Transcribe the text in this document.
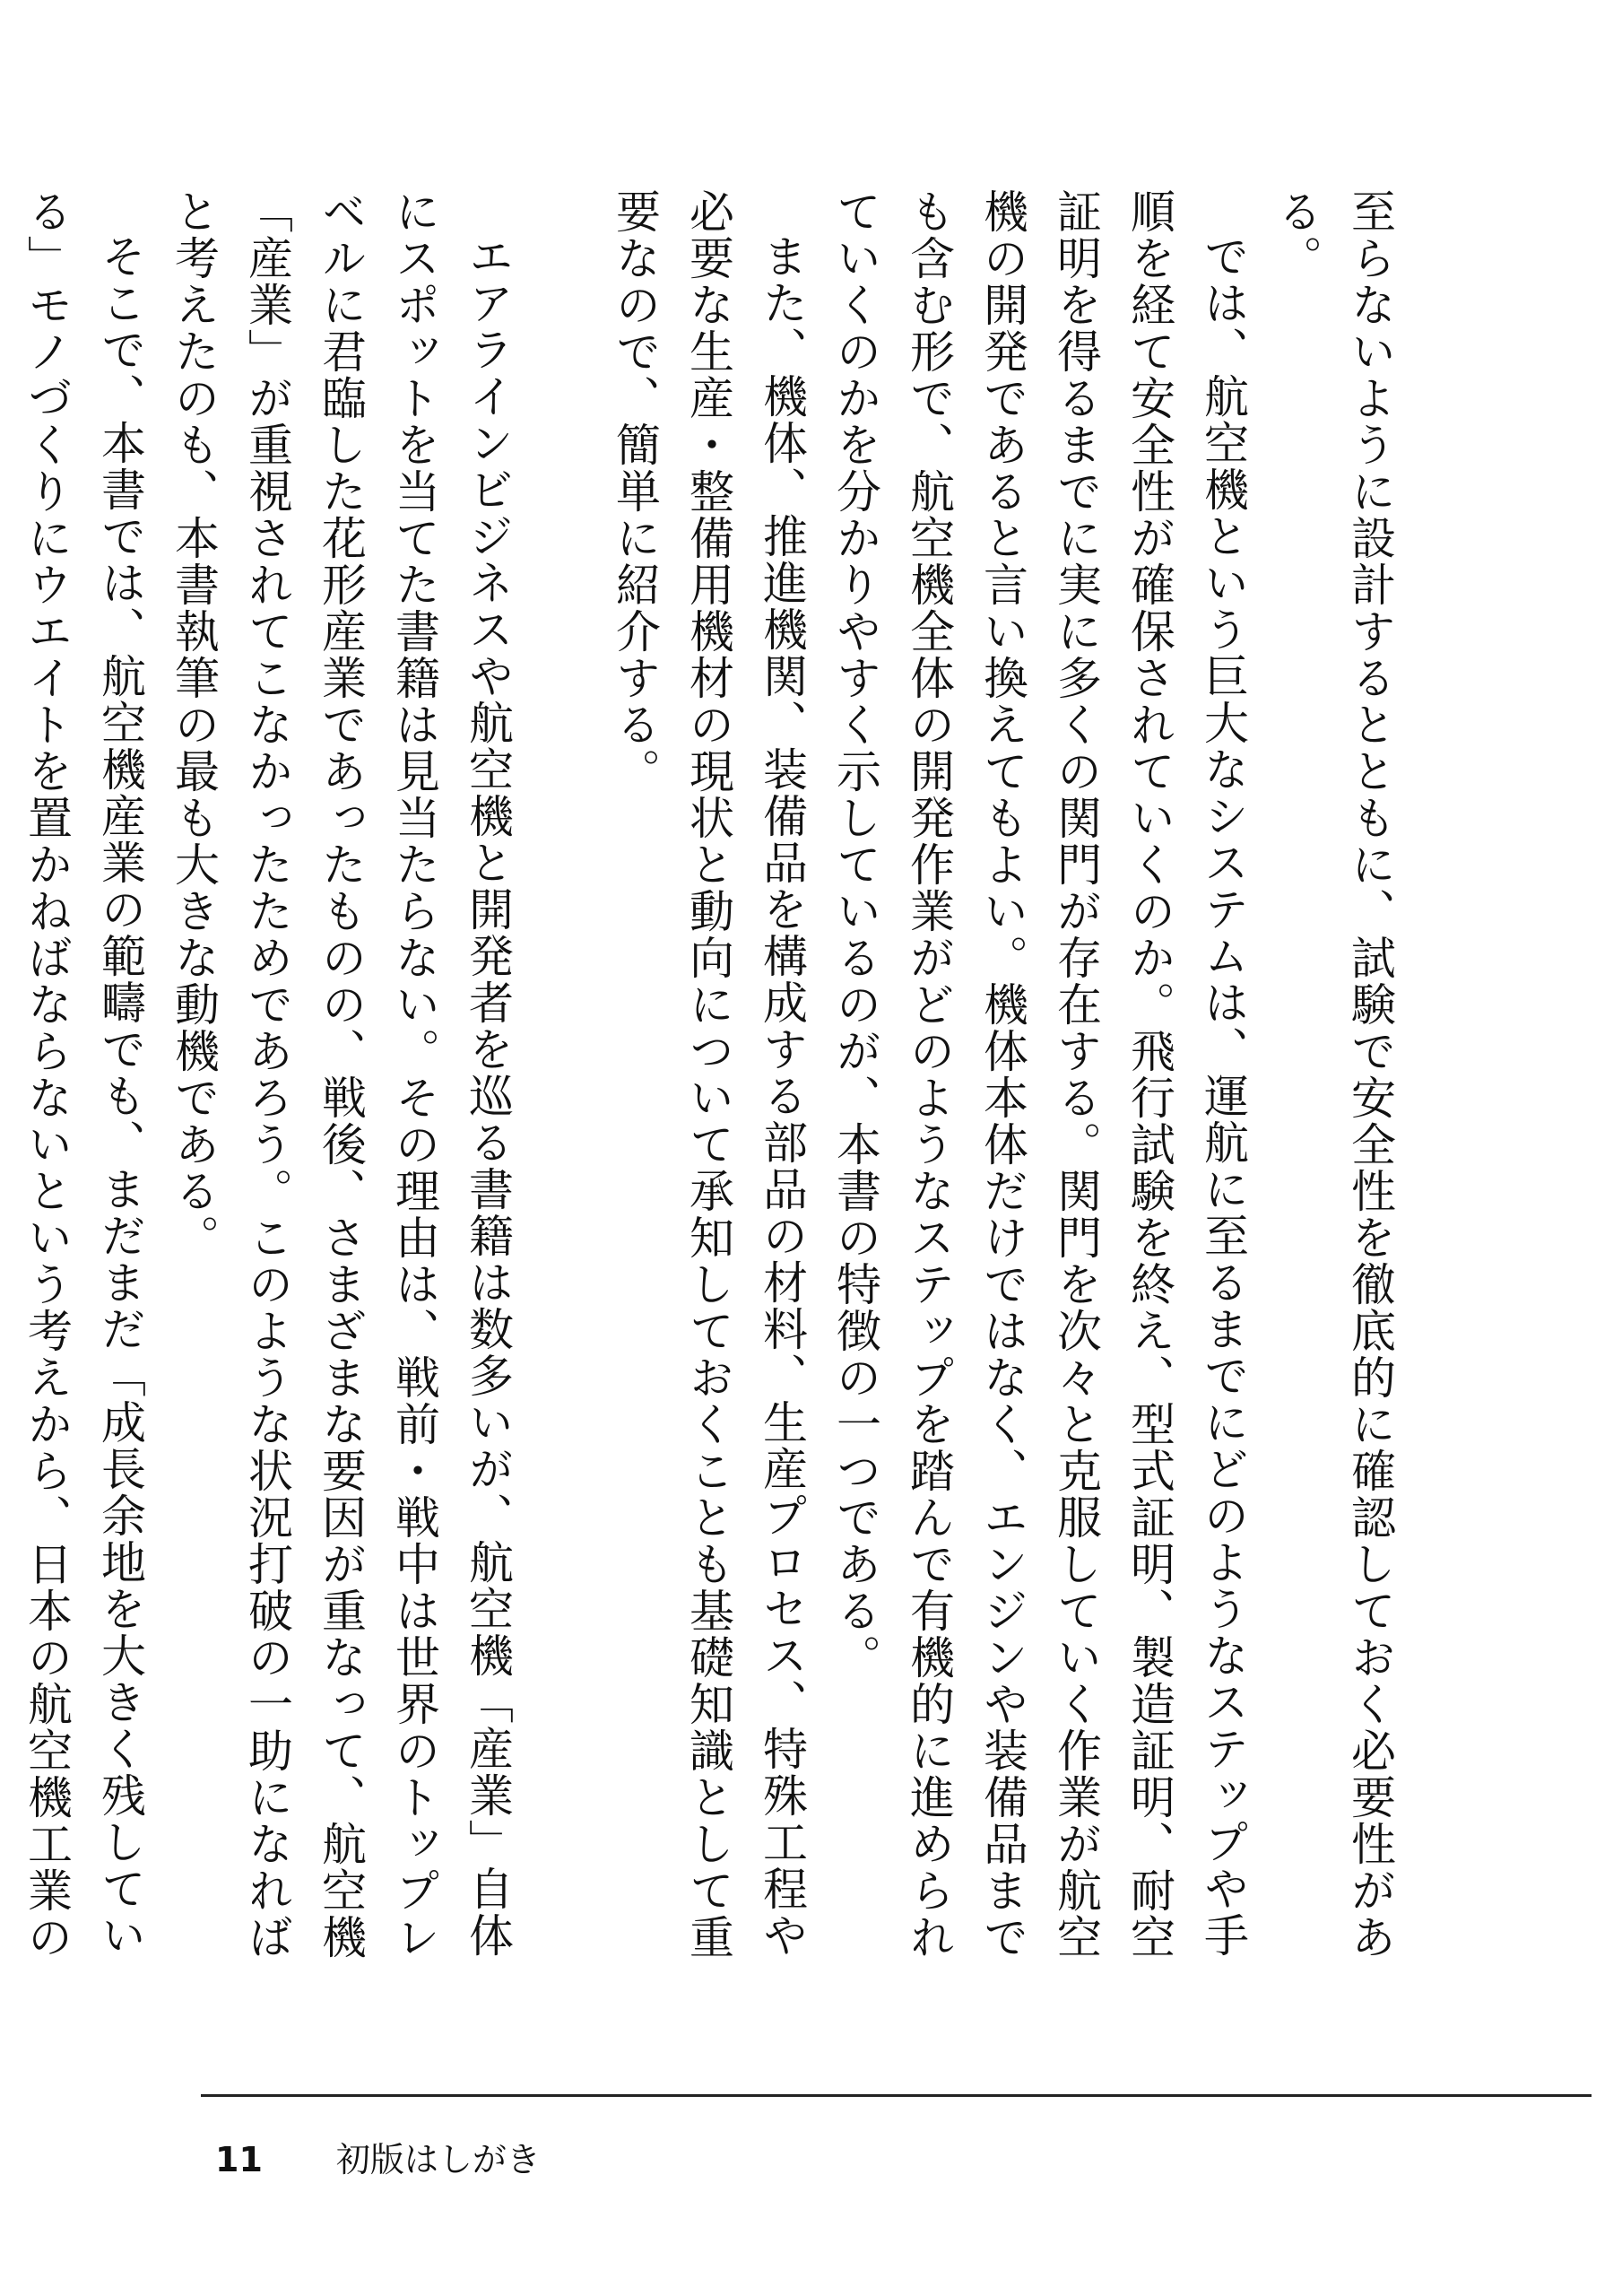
至らないように設計するとともに、試験で安全性を徹底的に確認しておく必要性がある。

では、航空機という巨大なシステムは、運航に至るまでにどのようなステップや手順を経て安全性が確保されていくのか。飛行試験を終え、型式証明、製造証明、耐空証明を得るまでに実に多くの関門が存在する。関門を次々と克服していく作業が航空機の開発であると言い換えてもよい。機体本体だけではなく、エンジンや装備品までも含む形で、航空機全体の開発作業がどのようなステップを踏んで有機的に進められていくのかを分かりやすく示しているのが、本書の特徴の一つである。

また、機体、推進機関、装備品を構成する部品の材料、生産プロセス、特殊工程や必要な生産・整備用機材の現状と動向について承知しておくことも基礎知識として重要なので、簡単に紹介する。

エアラインビジネスや航空機と開発者を巡る書籍は数多いが、航空機「産業」自体にスポットを当てた書籍は見当たらない。その理由は、戦前・戦中は世界のトップレベルに君臨した花形産業であったものの、戦後、さまざまな要因が重なって、航空機「産業」が重視されてこなかったためであろう。このような状況打破の一助になればと考えたのも、本書執筆の最も大きな動機である。

そこで、本書では、航空機産業の範疇でも、まだまだ「成長余地を大きく残している」モノづくりにウエイトを置かねばならないという考えから、日本の航空機工業の

11 初版はしがき
